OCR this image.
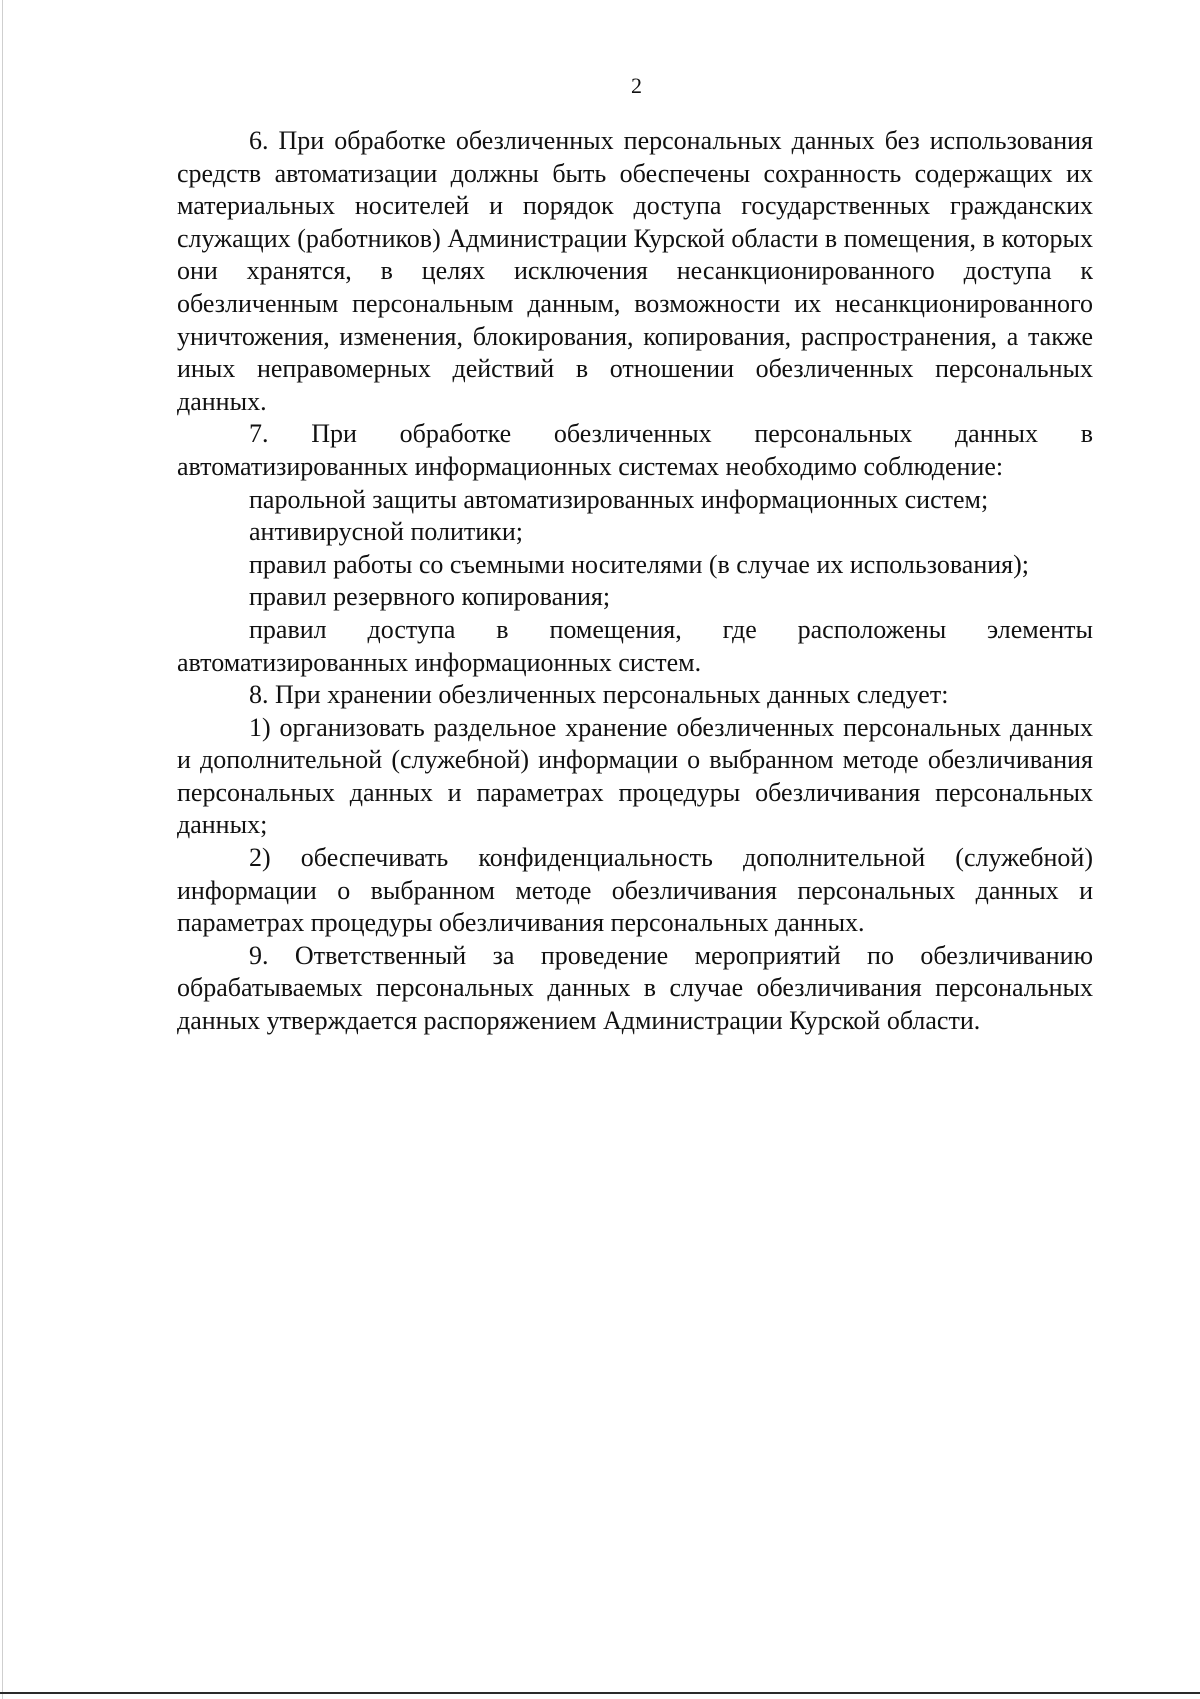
2

6. При обработке обезличенных персональных данных без использования средств автоматизации должны быть обеспечены сохранность содержащих их материальных носителей и порядок доступа государственных гражданских служащих (работников) Администрации Курской области в помещения, в которых они хранятся, в целях исключения несанкционированного доступа к обезличенным персональным данным, возможности их несанкционированного уничтожения, изменения, блокирования, копирования, распространения, а также иных неправомерных действий в отношении обезличенных персональных данных.

7. При обработке обезличенных персональных данных в автоматизированных информационных системах необходимо соблюдение:

парольной защиты автоматизированных информационных систем;

антивирусной политики;

правил работы со съемными носителями (в случае их использования);

правил резервного копирования;

правил доступа в помещения, где расположены элементы автоматизированных информационных систем.

8. При хранении обезличенных персональных данных следует:

1) организовать раздельное хранение обезличенных персональных данных и дополнительной (служебной) информации о выбранном методе обезличивания персональных данных и параметрах процедуры обезличивания персональных данных;

2) обеспечивать конфиденциальность дополнительной (служебной) информации о выбранном методе обезличивания персональных данных и параметрах процедуры обезличивания персональных данных.

9. Ответственный за проведение мероприятий по обезличиванию обрабатываемых персональных данных в случае обезличивания персональных данных утверждается распоряжением Администрации Курской области.
